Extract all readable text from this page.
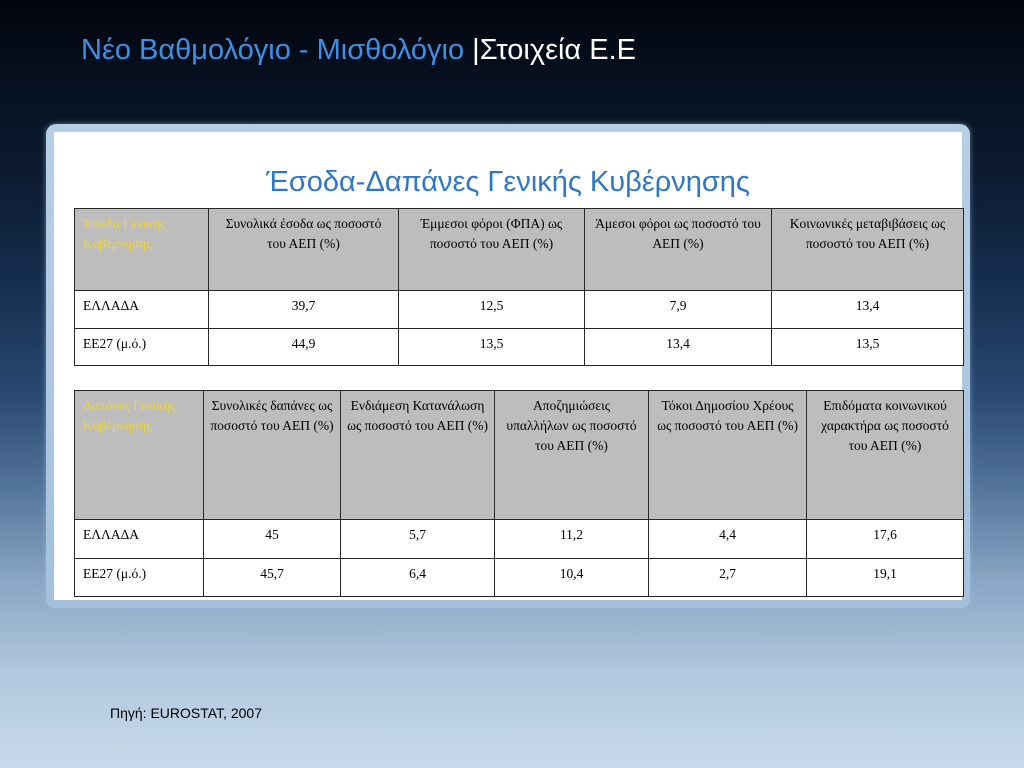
Νέο Βαθμολόγιο - Μισθολόγιο |Στοιχεία Ε.Ε
Έσοδα-Δαπάνες Γενικής Κυβέρνησης
Έσοδα Γενικής Κυβέρνησης	Συνολικά έσοδα ως ποσοστό του ΑΕΠ (%)	Έμμεσοι φόροι (ΦΠΑ) ως ποσοστό του ΑΕΠ (%)	Άμεσοι φόροι ως ποσοστό του ΑΕΠ (%)	Κοινωνικές μεταβιβάσεις ως ποσοστό του ΑΕΠ (%)
ΕΛΛΑΔΑ	39,7	12,5	7,9	13,4
ΕΕ27 (μ.ό.)	44,9	13,5	13,4	13,5
Δαπάνες Γενικής Κυβέρνησης	Συνολικές δαπάνες ως ποσοστό του ΑΕΠ (%)	Ενδιάμεση Κατανάλωση ως ποσοστό του ΑΕΠ (%)	Αποζημιώσεις υπαλλήλων ως ποσοστό του ΑΕΠ (%)	Τόκοι Δημοσίου Χρέους ως ποσοστό του ΑΕΠ (%)	Επιδόματα κοινωνικού χαρακτήρα ως ποσοστό του ΑΕΠ (%)
ΕΛΛΑΔΑ	45	5,7	11,2	4,4	17,6
ΕΕ27 (μ.ό.)	45,7	6,4	10,4	2,7	19,1
Πηγή: EUROSTAT, 2007
